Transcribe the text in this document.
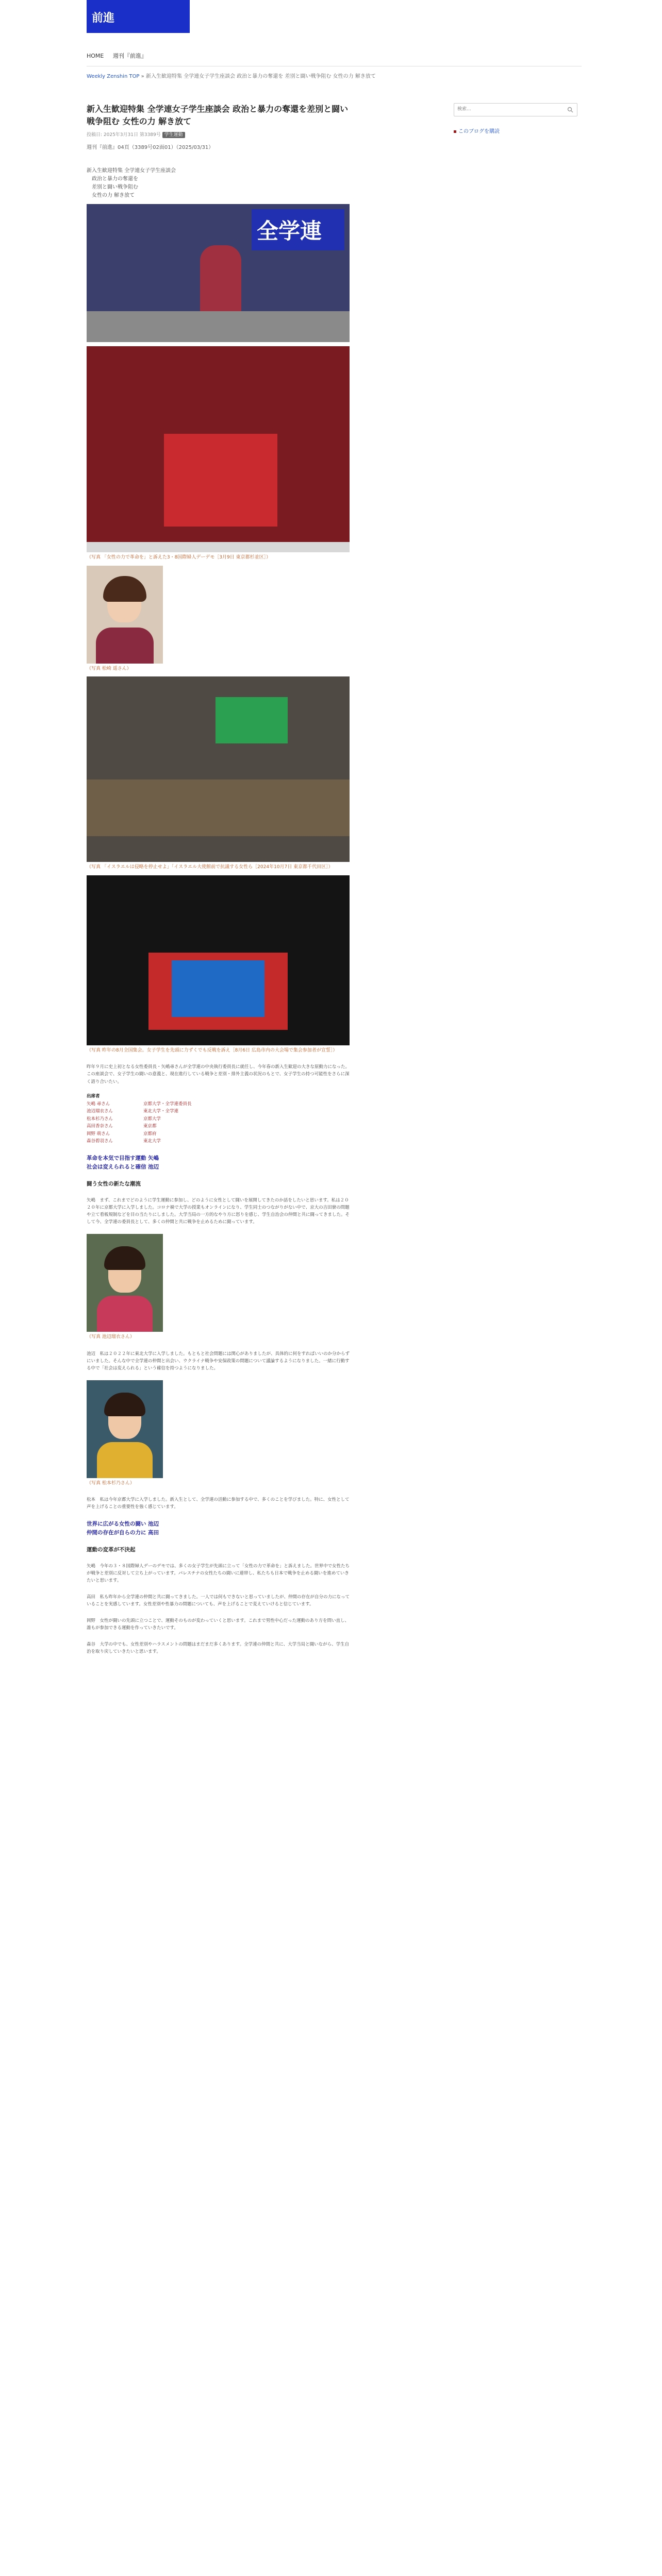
前進
HOME 週刊『前進』
Weekly Zenshin TOP » 新入生歓迎特集 全学連女子学生座談会 政治と暴力の奪還を 差別と闘い戦争阻む 女性の力 解き放て
新入生歓迎特集 全学連女子学生座談会 政治と暴力の奪還を差別と闘い戦争阻む 女性の力 解き放て
投稿日: 2025年3月31日 第3389号 学生運動
週刊『前進』04頁（3389号02面01）（2025/03/31）
新入生歓迎特集 全学連女子学生座談会
政治と暴力の奪還を
差別と闘い戦争阻む
女性の力 解き放て
全学連
（写真 「女性の力で革命を」と訴えた3・8国際婦人デーデモ［3月9日 東京都杉並区］）
（写真 松崎 遥さん）
（写真 「イスラエルは侵略を停止せよ」「イスラエル大使館前で抗議する女性ら［2024年10月7日 東京都千代田区］）
（写真 昨年の8月全国集会。女子学生を先頭に力ずくでも反戦を訴え［8月6日 広島市内の大会場で集会参加者が宣誓］）
昨年９月に史上初となる女性委員長・矢嶋尋さんが全学連の中央執行委員長に就任し、今年春の新入生歓迎の大きな原動力になった。この座談会で、女子学生の闘いの意義と、現在進行している戦争と差別・排外主義の状況のもとで、女子学生の持つ可能性をさらに深く語り合いたい。
出席者
矢嶋 尋さん	京都大学・全学連委員長
池辺瑠衣さん	東北大学・全学連
松本杉乃さん	京都大学
高田香奈さん	東京都
岡野 萌さん	京都府
森谷碧羽さん	東北大学
革命を本気で目指す運動 矢嶋
社会は変えられると確信 池辺
闘う女性の新たな潮流
矢嶋　まず、これまでどのように学生運動に参加し、どのように女性として闘いを展開してきたのか話をしたいと思います。私は２０２０年に京都大学に入学しました。コロナ禍で大学の授業もオンラインになり、学生同士のつながりがない中で、京大の吉田寮の問題や立て看板規制などを目の当たりにしました。大学当局の一方的なやり方に怒りを感じ、学生自治会の仲間と共に闘ってきました。そして今、全学連の委員長として、多くの仲間と共に戦争を止めるために闘っています。
（写真 池辺瑠衣さん）
池辺　私は２０２２年に東北大学に入学しました。もともと社会問題には関心がありましたが、具体的に何をすればいいのか分からずにいました。そんな中で全学連の仲間と出会い、ウクライナ戦争や安保政策の問題について議論するようになりました。一緒に行動する中で「社会は変えられる」という確信を持つようになりました。
（写真 松本杉乃さん）
松本　私は今年京都大学に入学しました。新入生として、全学連の活動に参加する中で、多くのことを学びました。特に、女性として声を上げることの重要性を強く感じています。
世界に広がる女性の闘い 池辺
仲間の存在が自らの力に 高田
運動の変革が不決起
矢嶋　今年の３・８国際婦人デーのデモでは、多くの女子学生が先頭に立って「女性の力で革命を」と訴えました。世界中で女性たちが戦争と差別に反対して立ち上がっています。パレスチナの女性たちの闘いに連帯し、私たちも日本で戦争を止める闘いを進めていきたいと思います。
高田　私も昨年から全学連の仲間と共に闘ってきました。一人では何もできないと思っていましたが、仲間の存在が自分の力になっていることを実感しています。女性差別や性暴力の問題についても、声を上げることで変えていけると信じています。
岡野　女性が闘いの先頭に立つことで、運動そのものが変わっていくと思います。これまで男性中心だった運動のあり方を問い直し、誰もが参加できる運動を作っていきたいです。
森谷　大学の中でも、女性差別やハラスメントの問題はまだまだ多くあります。全学連の仲間と共に、大学当局と闘いながら、学生自治を取り戻していきたいと思います。
検索...
このブログを購読
